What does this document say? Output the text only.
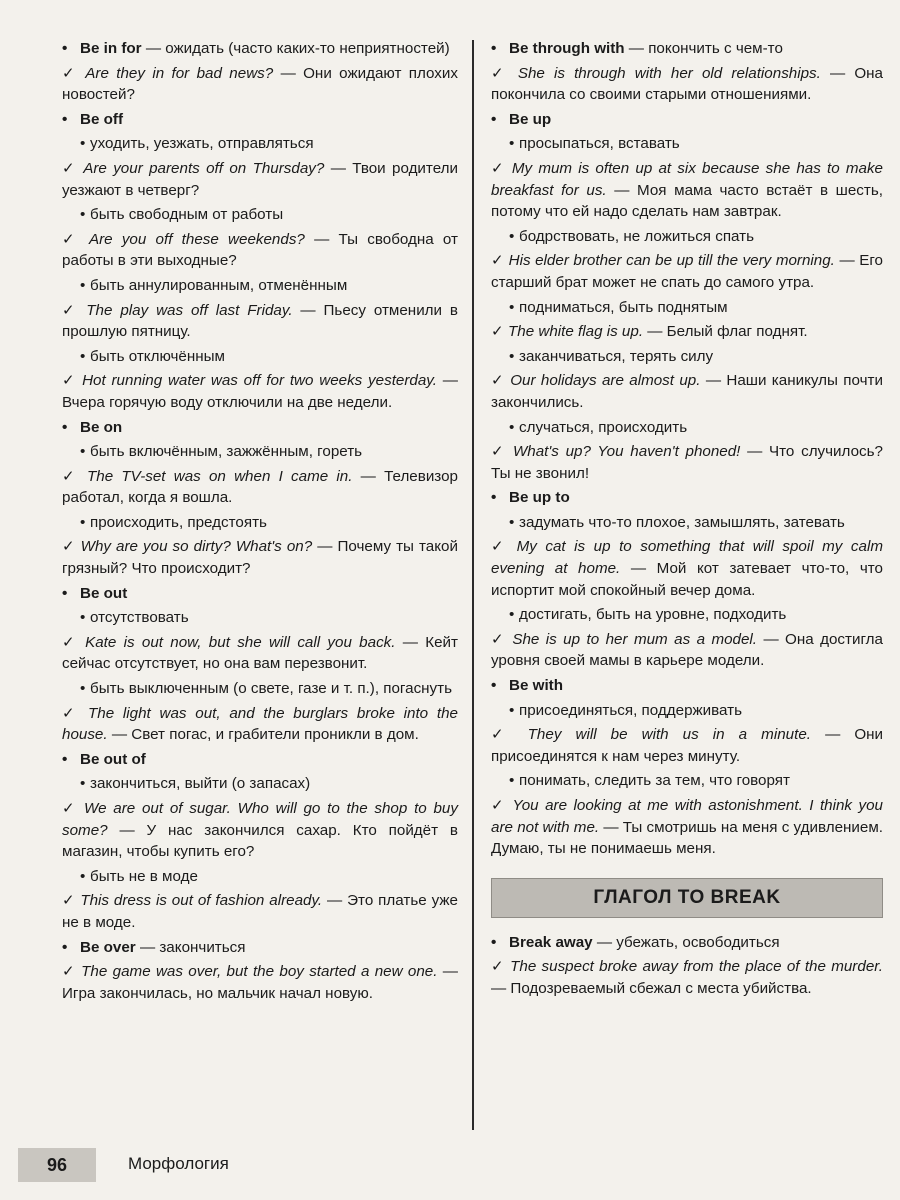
• Be in for — ожидать (часто каких-то неприятностей)
✓ Are they in for bad news? — Они ожидают плохих новостей?
• Be off
• уходить, уезжать, отправляться
✓ Are your parents off on Thursday? — Твои родители уезжают в четверг?
• быть свободным от работы
✓ Are you off these weekends? — Ты свободна от работы в эти выходные?
• быть аннулированным, отменённым
✓ The play was off last Friday. — Пьесу отменили в прошлую пятницу.
• быть отключённым
✓ Hot running water was off for two weeks yesterday. — Вчера горячую воду отключили на две недели.
• Be on
• быть включённым, зажжённым, гореть
✓ The TV-set was on when I came in. — Телевизор работал, когда я вошла.
• происходить, предстоять
✓ Why are you so dirty? What's on? — Почему ты такой грязный? Что происходит?
• Be out
• отсутствовать
✓ Kate is out now, but she will call you back. — Кейт сейчас отсутствует, но она вам перезвонит.
• быть выключенным (о свете, газе и т. п.), погаснуть
✓ The light was out, and the burglars broke into the house. — Свет погас, и грабители проникли в дом.
• Be out of
• закончиться, выйти (о запасах)
✓ We are out of sugar. Who will go to the shop to buy some? — У нас закончился сахар. Кто пойдёт в магазин, чтобы купить его?
• быть не в моде
✓ This dress is out of fashion already. — Это платье уже не в моде.
• Be over — закончиться
✓ The game was over, but the boy started a new one. — Игра закончилась, но мальчик начал новую.
• Be through with — покончить с чем-то
✓ She is through with her old relationships. — Она покончила со своими старыми отношениями.
• Be up
• просыпаться, вставать
✓ My mum is often up at six because she has to make breakfast for us. — Моя мама часто встаёт в шесть, потому что ей надо сделать нам завтрак.
• бодрствовать, не ложиться спать
✓ His elder brother can be up till the very morning. — Его старший брат может не спать до самого утра.
• подниматься, быть поднятым
✓ The white flag is up. — Белый флаг поднят.
• заканчиваться, терять силу
✓ Our holidays are almost up. — Наши каникулы почти закончились.
• случаться, происходить
✓ What's up? You haven't phoned! — Что случилось? Ты не звонил!
• Be up to
• задумать что-то плохое, замышлять, затевать
✓ My cat is up to something that will spoil my calm evening at home. — Мой кот затевает что-то, что испортит мой спокойный вечер дома.
• достигать, быть на уровне, подходить
✓ She is up to her mum as a model. — Она достигла уровня своей мамы в карьере модели.
• Be with
• присоединяться, поддерживать
✓ They will be with us in a minute. — Они присоединятся к нам через минуту.
• понимать, следить за тем, что говорят
✓ You are looking at me with astonishment. I think you are not with me. — Ты смотришь на меня с удивлением. Думаю, ты не понимаешь меня.
ГЛАГОЛ TO BREAK
• Break away — убежать, освободиться
✓ The suspect broke away from the place of the murder. — Подозреваемый сбежал с места убийства.
96	Морфология
